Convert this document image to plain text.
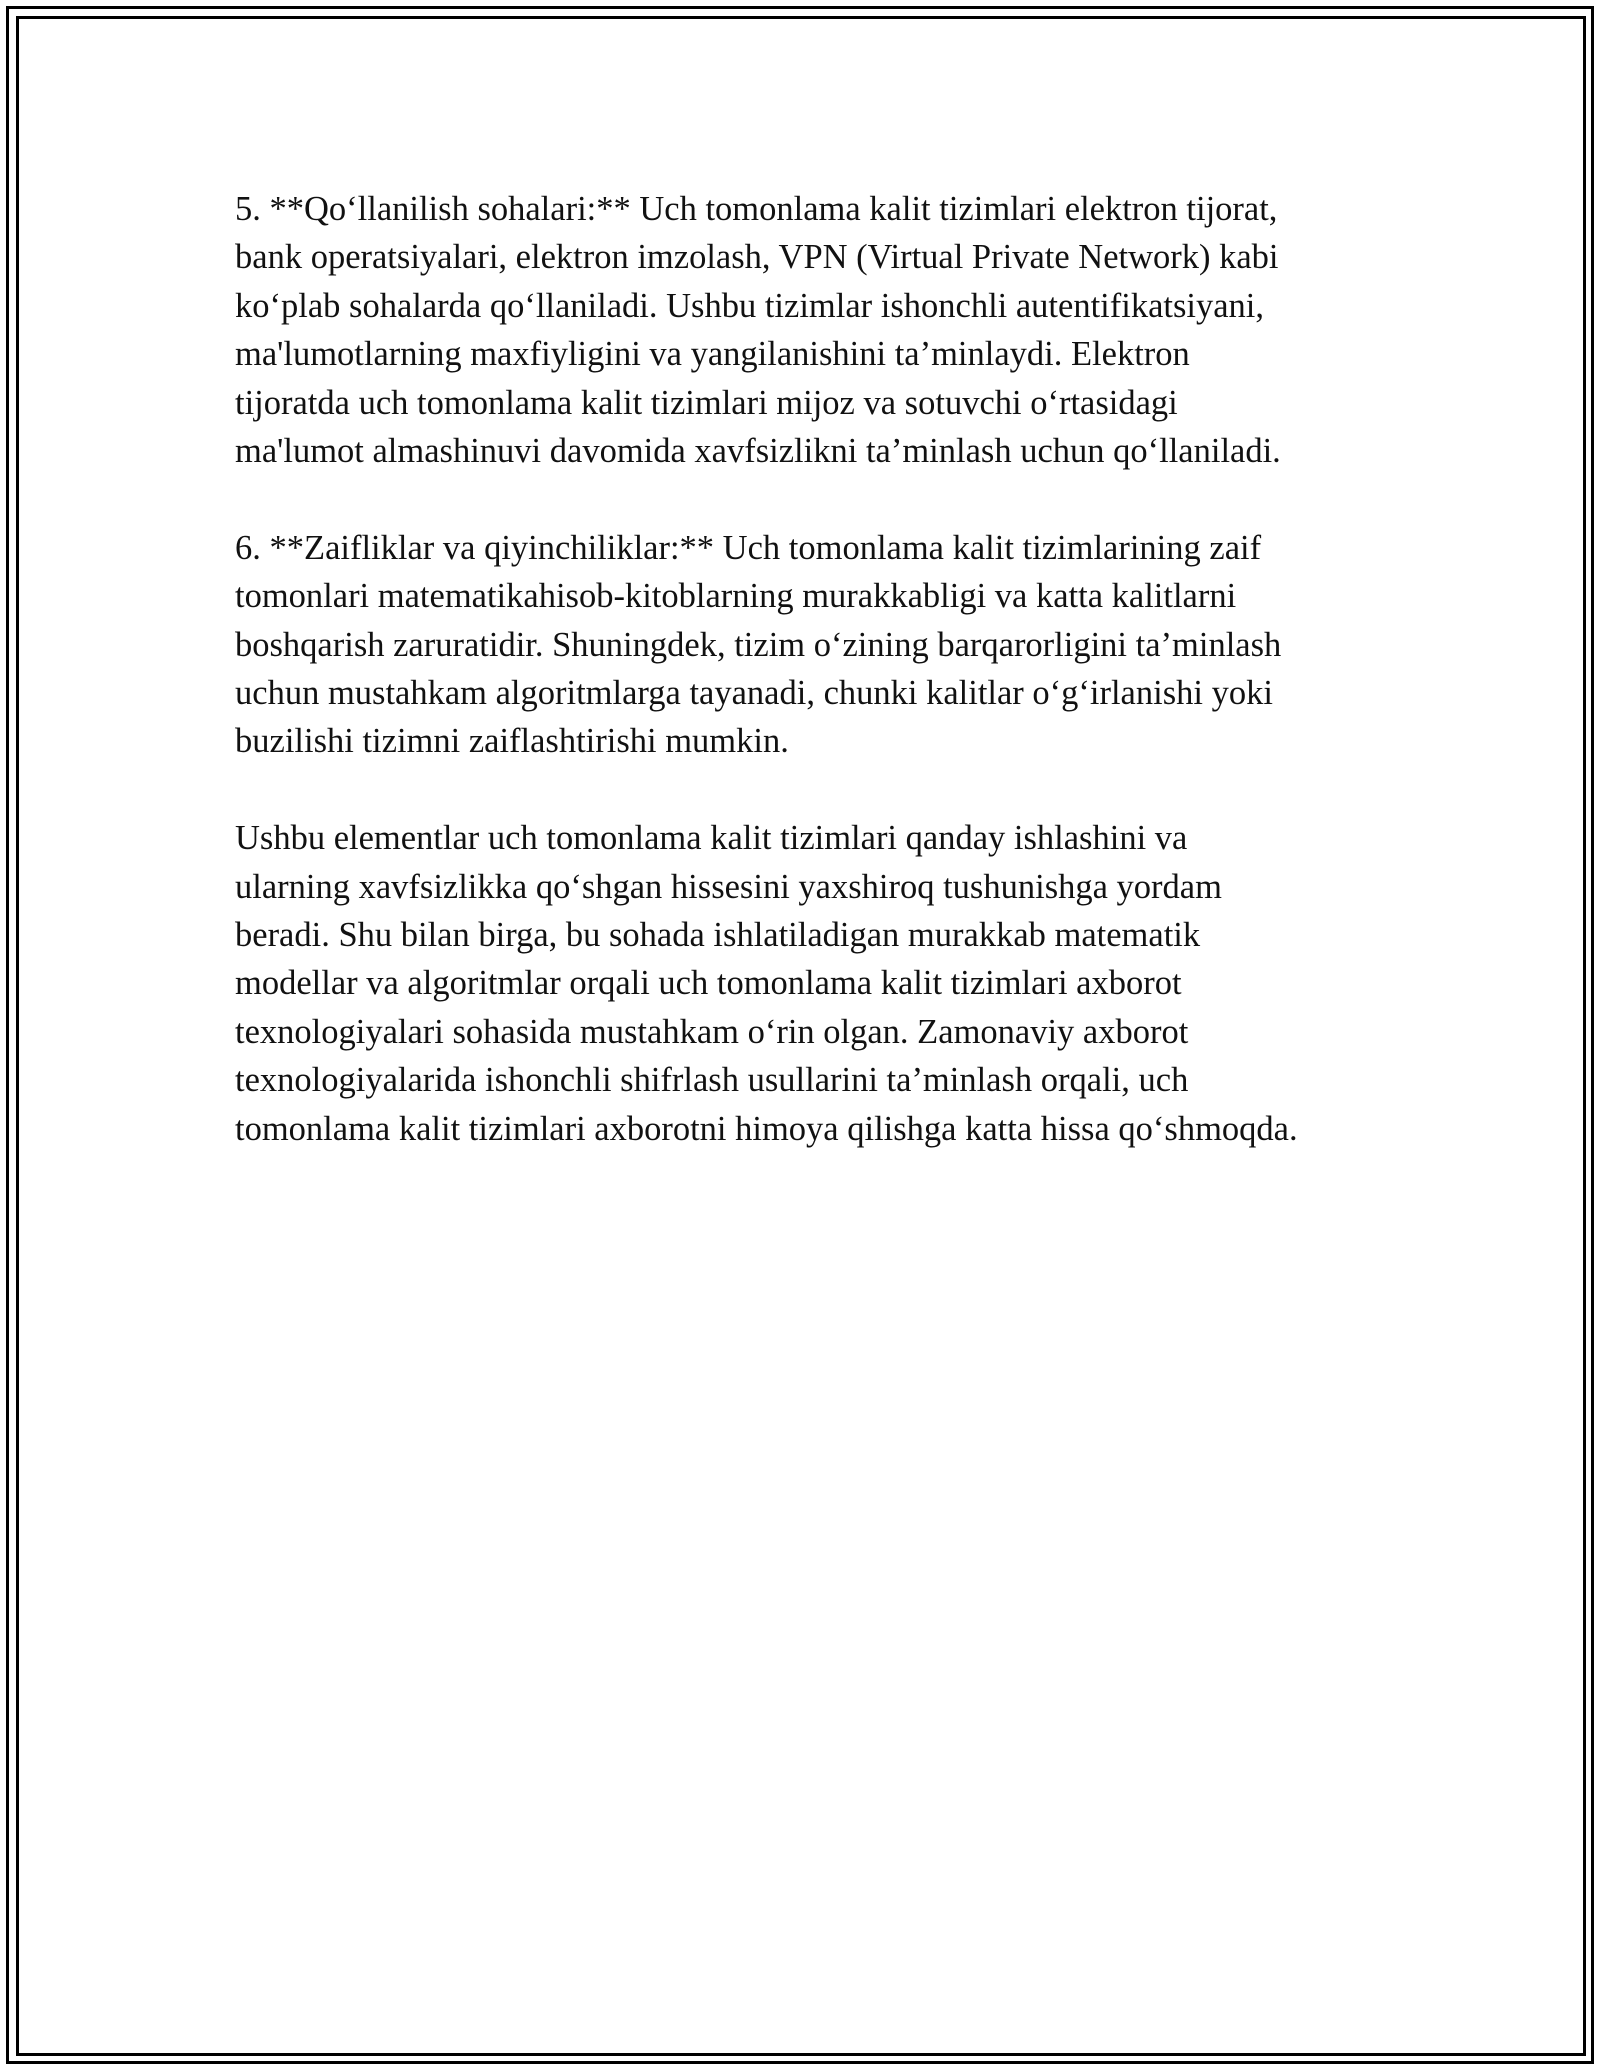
5. **Qo‘llanilish sohalari:** Uch tomonlama kalit tizimlari elektron tijorat,
bank operatsiyalari, elektron imzolash, VPN (Virtual Private Network) kabi
ko‘plab sohalarda qo‘llaniladi. Ushbu tizimlar ishonchli autentifikatsiyani,
ma'lumotlarning maxfiyligini va yangilanishini ta’minlaydi. Elektron
tijoratda uch tomonlama kalit tizimlari mijoz va sotuvchi o‘rtasidagi
ma'lumot almashinuvi davomida xavfsizlikni ta’minlash uchun qo‘llaniladi.

6. **Zaifliklar va qiyinchiliklar:** Uch tomonlama kalit tizimlarining zaif
tomonlari matematikahisob-kitoblarning murakkabligi va katta kalitlarni
boshqarish zaruratidir. Shuningdek, tizim o‘zining barqarorligini ta’minlash
uchun mustahkam algoritmlarga tayanadi, chunki kalitlar o‘g‘irlanishi yoki
buzilishi tizimni zaiflashtirishi mumkin.

Ushbu elementlar uch tomonlama kalit tizimlari qanday ishlashini va
ularning xavfsizlikka qo‘shgan hissesini yaxshiroq tushunishga yordam
beradi. Shu bilan birga, bu sohada ishlatiladigan murakkab matematik
modellar va algoritmlar orqali uch tomonlama kalit tizimlari axborot
texnologiyalari sohasida mustahkam o‘rin olgan. Zamonaviy axborot
texnologiyalarida ishonchli shifrlash usullarini ta’minlash orqali, uch
tomonlama kalit tizimlari axborotni himoya qilishga katta hissa qo‘shmoqda.
